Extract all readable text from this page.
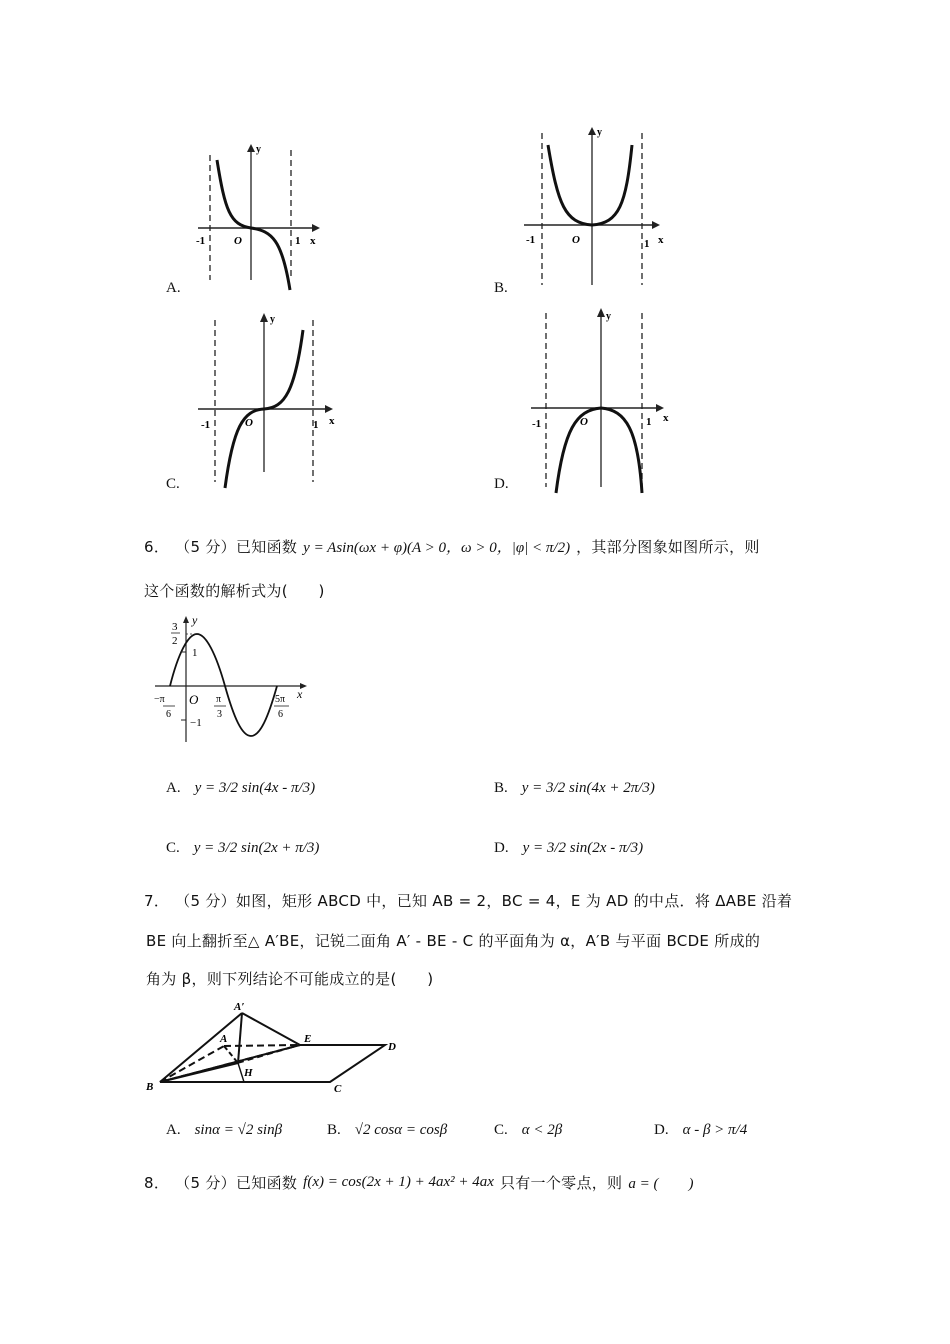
-1	O	1 x
y
A.
-1	O	1 x
y
B.
-1	O	1 x
y
C.
-1	O	1 x
y
D.
6． （5 分）已知函数 y = Asin(ωx + φ)(A > 0，ω > 0，|φ| < π/2) ，其部分图象如图所示，则
这个函数的解析式为(　　)
3
2
y
1
−1
x
O
−π
6
π
3
5π
6
A. y = 3/2 sin(4x - π/3)	B. y = 3/2 sin(4x + 2π/3)
C. y = 3/2 sin(2x + π/3)	D. y = 3/2 sin(2x - π/3)
7． （5 分）如图，矩形 ABCD 中，已知 AB = 2，BC = 4，E 为 AD 的中点．将 ΔABE 沿着
BE 向上翻折至△ A′BE，记锐二面角 A′ - BE - C 的平面角为 α，A′B 与平面 BCDE 所成的
角为 β，则下列结论不可能成立的是(　　)
A′
A	E
D
B
H
C
A. sinα = √2 sinβ	B. √2 cosα = cosβ	C. α < 2β	D. α - β > π/4
8． （5 分）已知函数 f(x) = cos(2x + 1) + 4ax² + 4ax 只有一个零点，则 a = (　　)
